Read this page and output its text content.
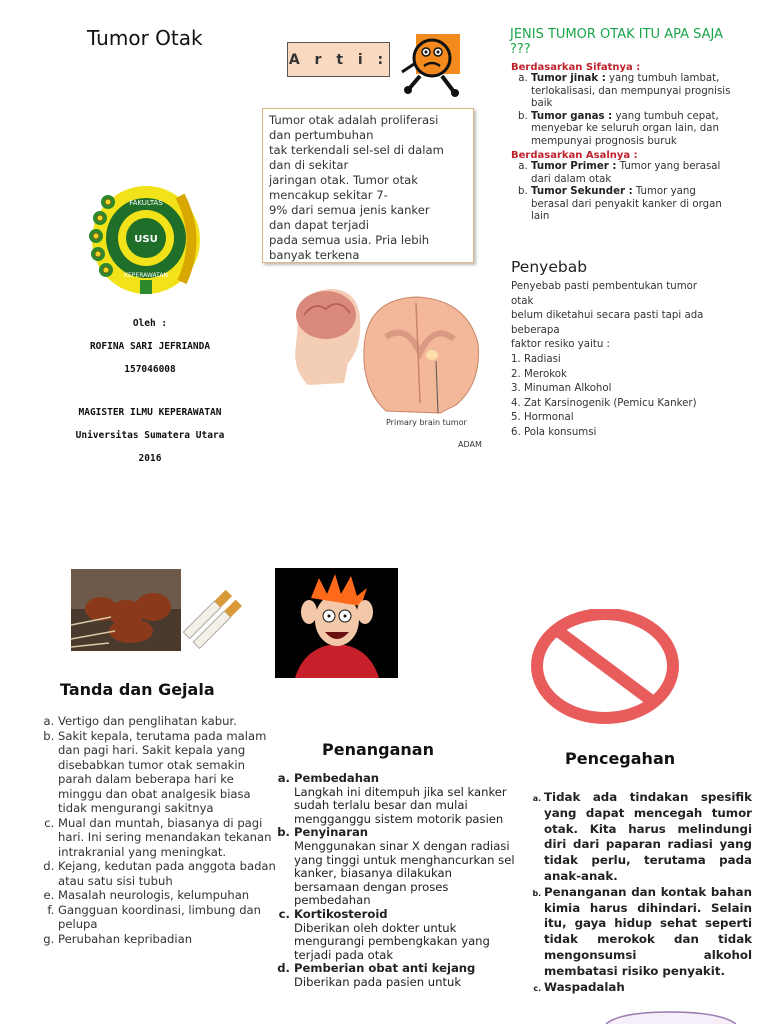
Tumor Otak
A r t i :

Tumor otak adalah proliferasi

dan pertumbuhan

tak terkendali sel-sel di dalam

dan di sekitar

jaringan otak. Tumor otak

mencakup sekitar 7-

9% dari semua jenis kanker

dan dapat terjadi

pada semua usia. Pria lebih

banyak terkena

FAKULTAS
KEPERAWATAN
USU
Oleh :
ROFINA SARI JEFRIANDA
157046008
MAGISTER ILMU KEPERAWATAN
Universitas Sumatera Utara
2016
Primary brain tumor
ADAM
JENIS TUMOR OTAK ITU APA SAJA ???
Berdasarkan Sifatnya :
a. Tumor jinak : yang tumbuh lambat, terlokalisasi, dan mempunyai prognisis baik
b. Tumor ganas : yang tumbuh cepat, menyebar ke seluruh organ lain, dan mempunyai prognosis buruk
Berdasarkan Asalnya :
a. Tumor Primer : Tumor yang berasal dari dalam otak
b. Tumor Sekunder : Tumor yang berasal dari penyakit kanker di organ lain
Penyebab
Penyebab pasti pembentukan tumor
otak
belum diketahui secara pasti tapi ada
beberapa
faktor resiko yaitu :
1. Radiasi
2. Merokok
3. Minuman Alkohol
4. Zat Karsinogenik (Pemicu Kanker)
5. Hormonal
6. Pola konsumsi
Tanda dan Gejala
a. Vertigo dan penglihatan kabur.
b. Sakit kepala, terutama pada malam dan pagi hari. Sakit kepala yang disebabkan tumor otak semakin parah dalam beberapa hari ke minggu dan obat analgesik biasa tidak mengurangi sakitnya
c. Mual dan muntah, biasanya di pagi hari. Ini sering menandakan tekanan intrakranial yang meningkat.
d. Kejang, kedutan pada anggota badan atau satu sisi tubuh
e. Masalah neurologis, kelumpuhan
f. Gangguan koordinasi, limbung dan pelupa
g. Perubahan kepribadian
Penanganan
a. Pembedahan
Langkah ini ditempuh jika sel kanker sudah terlalu besar dan mulai mengganggu sistem motorik pasien
b. Penyinaran
Menggunakan sinar X dengan radiasi yang tinggi untuk menghancurkan sel kanker, biasanya dilakukan bersamaan dengan proses pembedahan
c. Kortikosteroid
Diberikan oleh dokter untuk mengurangi pembengkakan yang terjadi pada otak
d. Pemberian obat anti kejang
Diberikan pada pasien untuk
Pencegahan
a. Tidak ada tindakan spesifik yang dapat mencegah tumor otak. Kita harus melindungi diri dari paparan radiasi yang tidak perlu, terutama pada anak-anak.
b. Penanganan dan kontak bahan kimia harus dihindari. Selain itu, gaya hidup sehat seperti tidak merokok dan tidak mengonsumsi alkohol membatasi risiko penyakit.
c. Waspadalah
